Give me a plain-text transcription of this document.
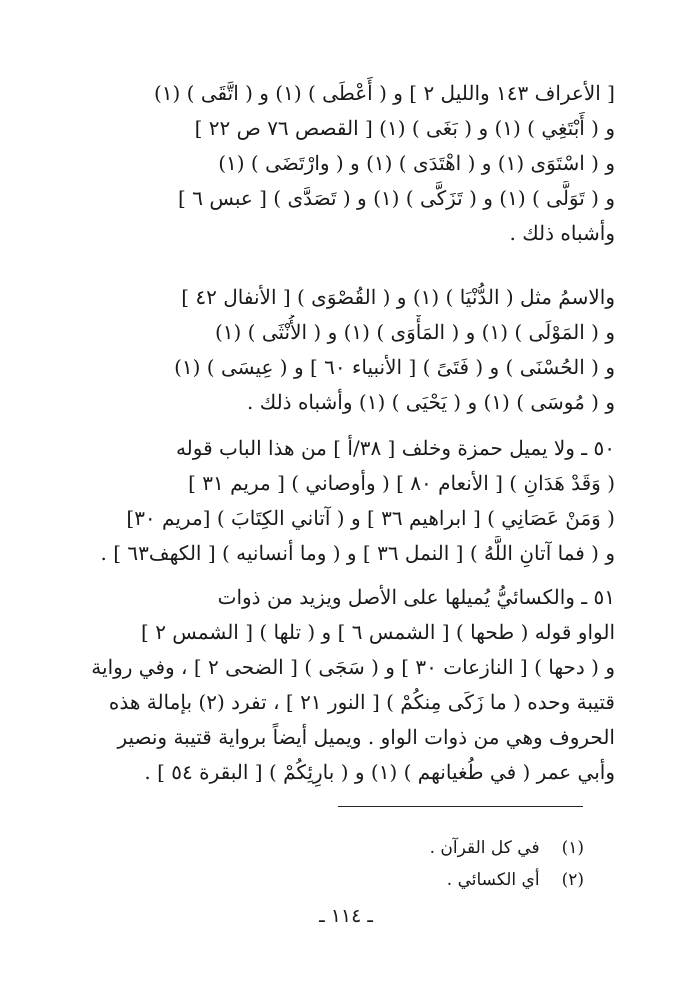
[ الأعراف ١٤٣ والليل ٢ ] و ( أَعْطَى ) (١) و ( اتَّقَى ) (١)
و ( أَبْتَغِي ) (١) و ( بَغَى ) (١) [ القصص ٧٦ ص ٢٢ ]
و ( اسْتَوَى (١) و ( اهْتَدَى ) (١) و ( وارْتَضَى ) (١)
و ( تَوَلَّى ) (١) و ( تَزَكَّى ) (١) و ( تَصَدَّى ) [ عبس ٦ ]
وأشباه ذلك .
والاسمُ مثل ( الدُّنْيَا ) (١) و ( القُصْوَى ) [ الأنفال ٤٢ ]
و ( المَوْلَى ) (١) و ( المَأْوَى ) (١) و ( الأُنْثَى ) (١)
و ( الحُسْنَى ) و ( فَتَىً ) [ الأنبياء ٦٠ ] و ( عِيسَى ) (١)
و ( مُوسَى ) (١) و ( يَحْيَى ) (١) وأشباه ذلك .
٥٠ ـ ولا يميل حمزة وخلف [ ٣٨/أ ] من هذا الباب قوله
( وَقَدْ هَدَانِ ) [ الأنعام ٨٠ ] ( وأوصاني ) [ مريم ٣١ ]
( وَمَنْ عَصَانِي ) [ ابراهيم ٣٦ ] و ( آتاني الكِتَابَ ) [مريم ٣٠]
و ( فما آتانِ اللَّهُ ) [ النمل ٣٦ ] و ( وما أنسانيه ) [ الكهف٦٣ ] .
٥١ ـ والكسائيُّ يُميلها على الأصل ويزيد من ذوات
الواو قوله ( طحها ) [ الشمس ٦ ] و ( تلها ) [ الشمس ٢ ]
و ( دحها ) [ النازعات ٣٠ ] و ( سَجَى ) [ الضحى ٢ ] ، وفي رواية
قتيبة وحده ( ما زَكَى مِنكُمْ ) [ النور ٢١ ] ، تفرد (٢) بإمالة هذه
الحروف وهي من ذوات الواو . ويميل أيضاً برواية قتيبة ونصير
وأبي عمر ( في طُغيانهم ) (١) و ( بارِئِكُمْ ) [ البقرة ٥٤ ] .
(١)في كل القرآن .
(٢)أي الكسائي .
ـ ١١٤ ـ
